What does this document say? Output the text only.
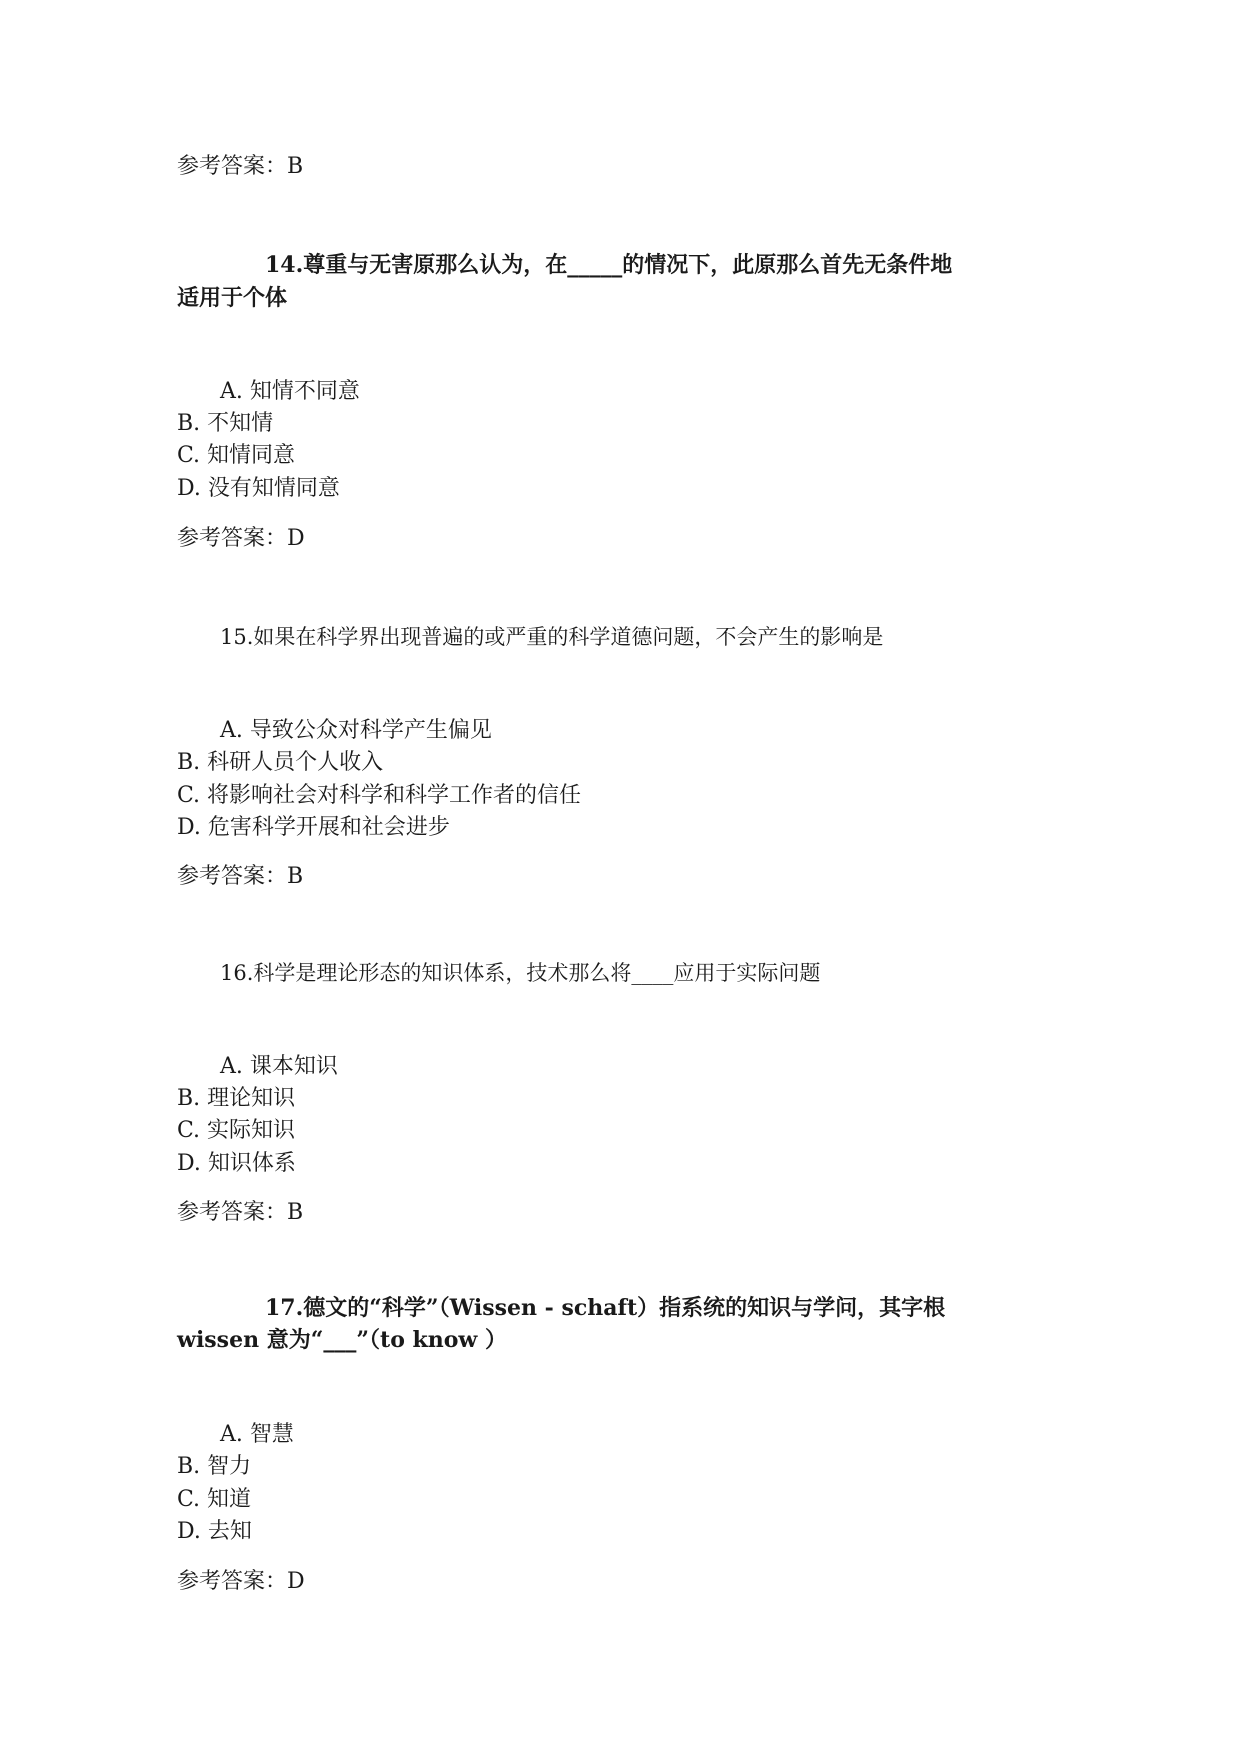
参考答案：B
14.尊重与无害原那么认为，在_____的情况下，此原那么首先无条件地
适用于个体
A. 知情不同意
B. 不知情
C. 知情同意
D. 没有知情同意
参考答案：D
15.如果在科学界出现普遍的或严重的科学道德问题，不会产生的影响是
A. 导致公众对科学产生偏见
B. 科研人员个人收入
C. 将影响社会对科学和科学工作者的信任
D. 危害科学开展和社会进步
参考答案：B
16.科学是理论形态的知识体系，技术那么将____应用于实际问题
A. 课本知识
B. 理论知识
C. 实际知识
D. 知识体系
参考答案：B
17.德文的“科学”（Wissen - schaft）指系统的知识与学问，其字根
wissen 意为“___”（to know ）
A. 智慧
B. 智力
C. 知道
D. 去知
参考答案：D
